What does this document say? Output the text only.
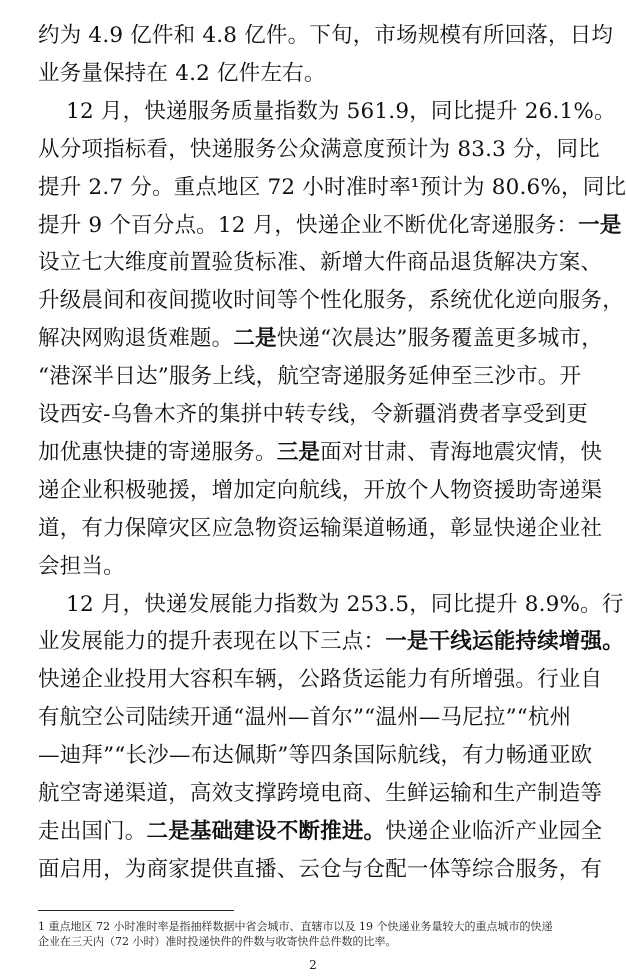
约为 4.9 亿件和 4.8 亿件。下旬，市场规模有所回落，日均
业务量保持在 4.2 亿件左右。
12 月，快递服务质量指数为 561.9，同比提升 26.1%。
从分项指标看，快递服务公众满意度预计为 83.3 分，同比
提升 2.7 分。重点地区 72 小时准时率¹预计为 80.6%，同比
提升 9 个百分点。12 月，快递企业不断优化寄递服务：一是
设立七大维度前置验货标准、新增大件商品退货解决方案、
升级晨间和夜间揽收时间等个性化服务，系统优化逆向服务，
解决网购退货难题。二是快递“次晨达”服务覆盖更多城市，
“港深半日达”服务上线，航空寄递服务延伸至三沙市。开
设西安-乌鲁木齐的集拼中转专线，令新疆消费者享受到更
加优惠快捷的寄递服务。三是面对甘肃、青海地震灾情，快
递企业积极驰援，增加定向航线，开放个人物资援助寄递渠
道，有力保障灾区应急物资运输渠道畅通，彰显快递企业社
会担当。
12 月，快递发展能力指数为 253.5，同比提升 8.9%。行
业发展能力的提升表现在以下三点：一是干线运能持续增强。
快递企业投用大容积车辆，公路货运能力有所增强。行业自
有航空公司陆续开通“温州—首尔”“温州—马尼拉”“杭州
—迪拜”“长沙—布达佩斯”等四条国际航线，有力畅通亚欧
航空寄递渠道，高效支撑跨境电商、生鲜运输和生产制造等
走出国门。二是基础建设不断推进。快递企业临沂产业园全
面启用，为商家提供直播、云仓与仓配一体等综合服务，有
1 重点地区 72 小时准时率是指抽样数据中省会城市、直辖市以及 19 个快递业务量较大的重点城市的快递
企业在三天内（72 小时）准时投递快件的件数与收寄快件总件数的比率。
2
